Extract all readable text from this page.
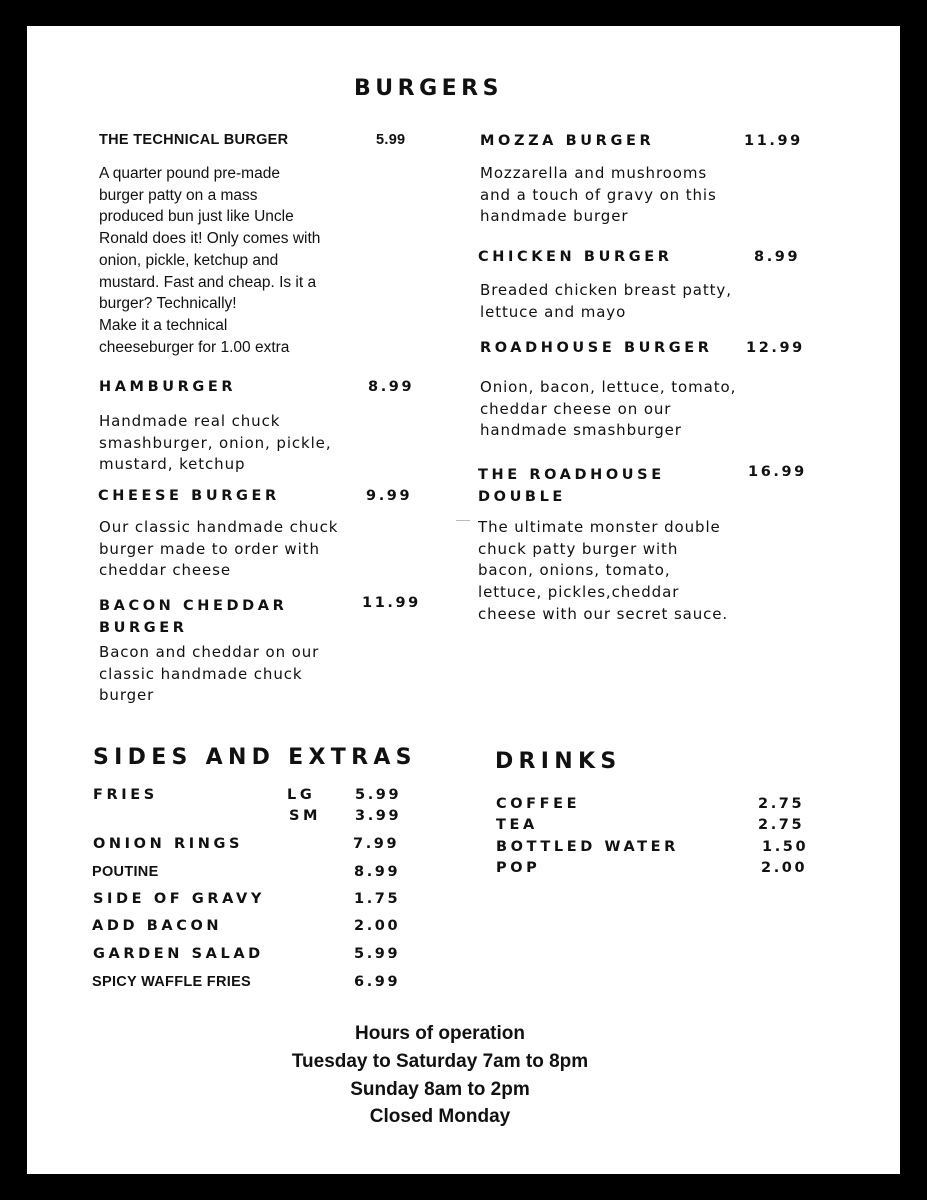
BURGERS
THE TECHNICAL BURGER	5.99
A quarter pound pre-made
burger patty on a mass
produced bun just like Uncle
Ronald does it! Only comes with
onion, pickle, ketchup and
mustard. Fast and cheap. Is it a
burger? Technically!
Make it a technical
cheeseburger for 1.00 extra
HAMBURGER	8.99
Handmade real chuck
smashburger, onion, pickle,
mustard, ketchup
CHEESE BURGER	9.99
Our classic handmade chuck
burger made to order with
cheddar cheese
BACON CHEDDAR
BURGER
11.99
Bacon and cheddar on our
classic handmade chuck
burger
MOZZA BURGER	11.99
Mozzarella and mushrooms
and a touch of gravy on this
handmade burger
CHICKEN BURGER	8.99
Breaded chicken breast patty,
lettuce and mayo
ROADHOUSE BURGER 12.99
Onion, bacon, lettuce, tomato,
cheddar cheese on our
handmade smashburger
THE ROADHOUSE
DOUBLE
16.99
The ultimate monster double
chuck patty burger with
bacon, onions, tomato,
lettuce, pickles,cheddar
cheese with our secret sauce.
SIDES AND EXTRAS
FRIES	LG	5.99
SM 3.99
ONION RINGS	7.99
POUTINE	8.99
SIDE OF GRAVY	1.75
ADD BACON	2.00
GARDEN SALAD	5.99
SPICY WAFFLE FRIES	6.99
DRINKS
COFFEE	2.75
TEA	2.75
BOTTLED WATER	1.50
POP	2.00
Hours of operation
Tuesday to Saturday 7am to 8pm
Sunday 8am to 2pm
Closed Monday
